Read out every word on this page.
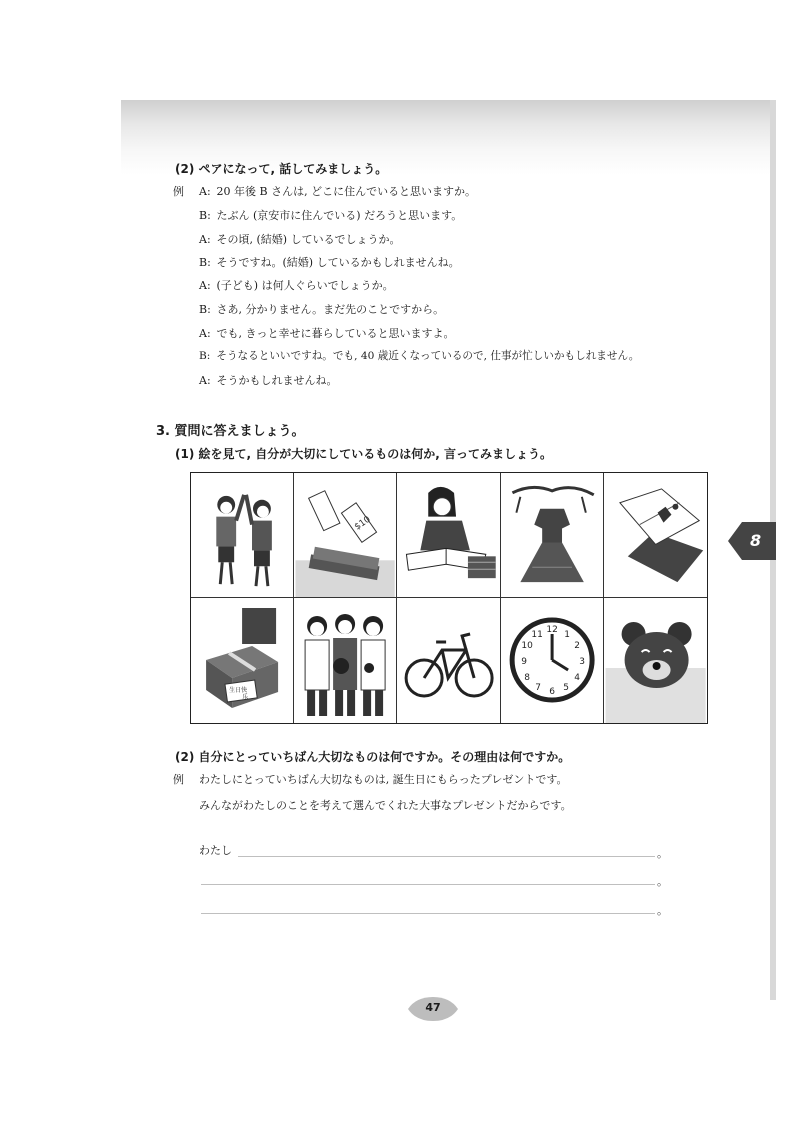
(2) ペアになって, 話してみましょう。
例 A: 20 年後 B さんは, どこに住んでいると思いますか。
B: たぶん (京安市に住んでいる) だろうと思います。
A: その頃, (結婚) しているでしょうか。
B: そうですね。(結婚) しているかもしれませんね。
A: (子ども) は何人ぐらいでしょうか。
B: さあ, 分かりません。まだ先のことですから。
A: でも, きっと幸せに暮らしていると思いますよ。
B: そうなるといいですね。でも, 40 歳近くなっているので, 仕事が忙しいかもしれません。
A: そうかもしれませんね。
3. 質問に答えましょう。
(1) 絵を見て, 自分が大切にしているものは何か, 言ってみましょう。
$10
生日快
乐
12
3
6
9
1
2
4
5
7
8
10
11
(2) 自分にとっていちばん大切なものは何ですか。その理由は何ですか。
例 わたしにとっていちばん大切なものは, 誕生日にもらったプレゼントです。
みんながわたしのことを考えて選んでくれた大事なプレゼントだからです。
わたし	。
。
。
8
47
